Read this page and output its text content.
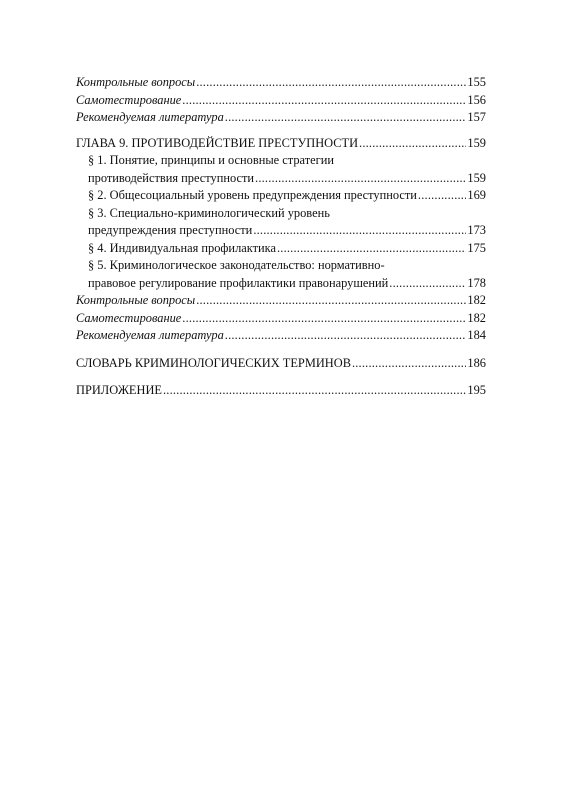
Контрольные вопросы .....	155
Самотестирование .....	156
Рекомендуемая литература .....	157
ГЛАВА 9. ПРОТИВОДЕЙСТВИЕ ПРЕСТУПНОСТИ .....	159
§ 1. Понятие, принципы и основные стратегии
противодействия преступности .....	159
§ 2. Общесоциальный уровень предупреждения преступности .....	169
§ 3. Специально-криминологический уровень
предупреждения преступности .....	173
§ 4. Индивидуальная профилактика .....	175
§ 5. Криминологическое законодательство: нормативно-
правовое регулирование профилактики правонарушений .....	178
Контрольные вопросы .....	182
Самотестирование .....	182
Рекомендуемая литература .....	184
СЛОВАРЬ КРИМИНОЛОГИЧЕСКИХ ТЕРМИНОВ .....	186
ПРИЛОЖЕНИЕ .....	195
